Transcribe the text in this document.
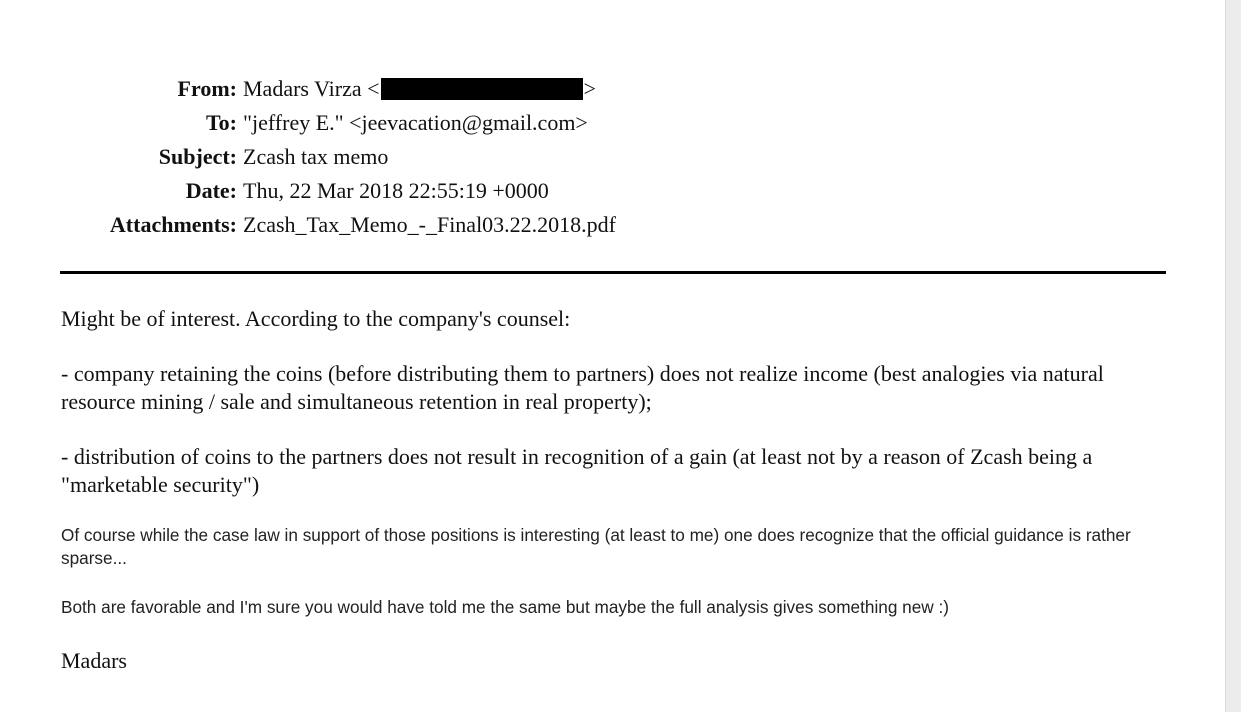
From:	Madars Virza < >
To:	"jeffrey E." <jeevacation@gmail.com>
Subject:	Zcash tax memo
Date:	Thu, 22 Mar 2018 22:55:19 +0000
Attachments:	Zcash_Tax_Memo_-_Final03.22.2018.pdf

Might be of interest. According to the company's counsel:

- company retaining the coins (before distributing them to partners) does not realize income (best analogies via natural resource mining / sale and simultaneous retention in real property);

- distribution of coins to the partners does not result in recognition of a gain (at least not by a reason of Zcash being a "marketable security")

Of course while the case law in support of those positions is interesting (at least to me) one does recognize that the official guidance is rather sparse...

Both are favorable and I'm sure you would have told me the same but maybe the full analysis gives something new :)

Madars
